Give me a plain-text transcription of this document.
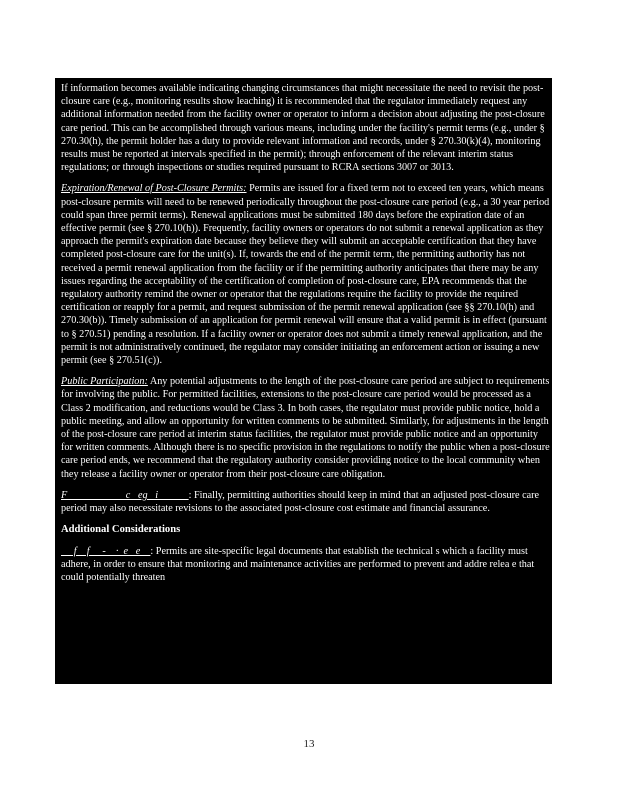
If information becomes available indicating changing circumstances that might necessitate the need to revisit the post-closure care (e.g., monitoring results show leaching) it is recommended that the regulator immediately request any additional information needed from the facility owner or operator to inform a decision about adjusting the post-closure care period. This can be accomplished through various means, including under the facility's permit terms (e.g., under § 270.30(h), the permit holder has a duty to provide relevant information and records, under § 270.30(k)(4), monitoring results must be reported at intervals specified in the permit); through enforcement of the relevant interim status regulations; or through inspections or studies required pursuant to RCRA sections 3007 or 3013.

Expiration/Renewal of Post-Closure Permits: Permits are issued for a fixed term not to exceed ten years, which means post-closure permits will need to be renewed periodically throughout the post-closure care period (e.g., a 30 year period could span three permit terms). Renewal applications must be submitted 180 days before the expiration date of an effective permit (see § 270.10(h)). Frequently, facility owners or operators do not submit a renewal application as they approach the permit's expiration date because they believe they will submit an acceptable certification that they have completed post-closure care for the unit(s). If, towards the end of the permit term, the permitting authority has not received a permit renewal application from the facility or if the permitting authority anticipates that there may be any issues regarding the acceptability of the certification of completion of post-closure care, EPA recommends that the regulatory authority remind the owner or operator that the regulations require the facility to provide the required certification or reapply for a permit, and request submission of the permit renewal application (see §§ 270.10(h) and 270.30(b)). Timely submission of an application for permit renewal will ensure that a valid permit is in effect (pursuant to § 270.51) pending a resolution. If a facility owner or operator does not submit a timely renewal application, and the permit is not administratively continued, the regulator may consider initiating an enforcement action or issuing a new permit (see § 270.51(c)).

Public Participation: Any potential adjustments to the length of the post-closure care period are subject to requirements for involving the public. For permitted facilities, extensions to the post-closure care period would be processed as a Class 2 modification, and reductions would be Class 3. In both cases, the regulator must provide public notice, hold a public meeting, and allow an opportunity for written comments to be submitted. Similarly, for adjustments in the length of the post-closure care period at interim status facilities, the regulator must provide public notice and an opportunity for written comments. Although there is no specific provision in the regulations to notify the public when a post-closure care period ends, we recommend that the regulatory authority consider providing notice to the local community when they release a facility owner or operator from their post-closure care obligation.

F                       c   eg   i            : Finally, permitting authorities should keep in mind that an adjusted post-closure care period may also necessitate revisions to the associated post-closure cost estimate and financial assurance.

Additional Considerations

f    f     -    ·  e   e    : Permits are site-specific legal documents that establish the technical s which a facility must adhere, in order to ensure that monitoring and maintenance activities are performed to prevent and addre relea e that could potentially threaten

13
